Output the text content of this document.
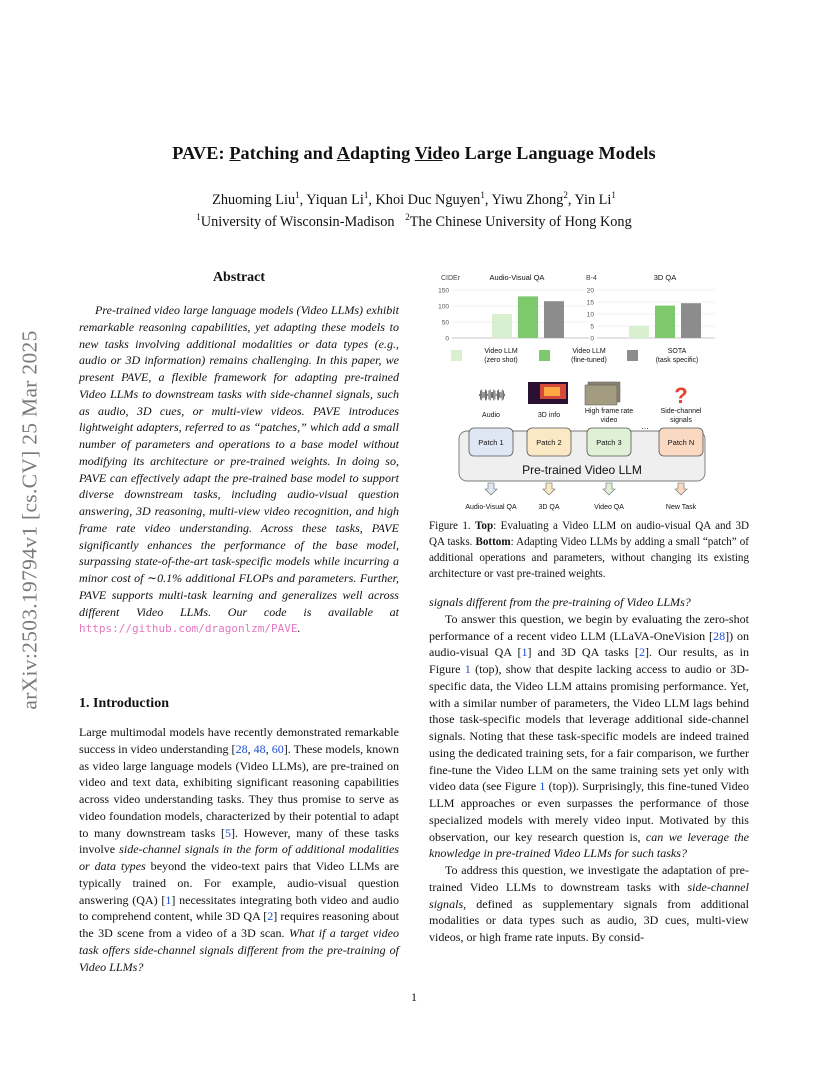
PAVE: Patching and Adapting Video Large Language Models
Zhuoming Liu$^1$, Yiquan Li$^1$, Khoi Duc Nguyen$^1$, Yiwu Zhong$^2$, Yin Li$^1$
$^1$University of Wisconsin-Madison $^2$The Chinese University of Hong Kong
arXiv:2503.19794v1 [cs.CV] 25 Mar 2025
Abstract

Pre-trained video large language models (Video LLMs) exhibit remarkable reasoning capabilities, yet adapting these models to new tasks involving additional modalities or data types (e.g., audio or 3D information) remains challenging. In this paper, we present PAVE, a flexible framework for adapting pre-trained Video LLMs to downstream tasks with side-channel signals, such as audio, 3D cues, or multi-view videos. PAVE introduces lightweight adapters, referred to as “patches,” which add a small number of parameters and operations to a base model without modifying its architecture or pre-trained weights. In doing so, PAVE can effectively adapt the pre-trained base model to support diverse downstream tasks, including audio-visual question answering, 3D reasoning, multi-view video recognition, and high frame rate video understanding. Across these tasks, PAVE significantly enhances the performance of the base model, surpassing state-of-the-art task-specific models while incurring a minor cost of ∼0.1% additional FLOPs and parameters. Further, PAVE supports multi-task learning and generalizes well across different Video LLMs. Our code is available at https://github.com/dragonlzm/PAVE.

1. Introduction

Large multimodal models have recently demonstrated remarkable success in video understanding [28, 48, 60]. These models, known as video large language models (Video LLMs), are pre-trained on video and text data, exhibiting significant reasoning capabilities across video understanding tasks. They thus promise to serve as video foundation models, characterized by their potential to adapt to many downstream tasks [5]. However, many of these tasks involve side-channel signals in the form of additional modalities or data types beyond the video-text pairs that Video LLMs are typically trained on. For example, audio-visual question answering (QA) [1] necessitates integrating both video and audio to comprehend content, while 3D QA [2] requires reasoning about the 3D scene from a video of a 3D scan. What if a target video task offers side-channel signals different from the pre-training of Video LLMs?

Audio-Visual QA
CIDEr
150
100
50
0
3D QA
B-4
20
15
10
5
0
Video LLM
(zero shot)
Video LLM
(fine-tuned)
SOTA
(task specific)
?
Audio	3D info
High frame rate
video
Side-channel
signals
Patch 1	Patch 2	Patch 3	Patch N
...
Pre-trained Video LLM
Audio-Visual QA	3D QA	Video QA	New Task
Figure 1. Top: Evaluating a Video LLM on audio-visual QA and 3D QA tasks. Bottom: Adapting Video LLMs by adding a small “patch” of additional operations and parameters, without changing its existing architecture or vast pre-trained weights.

signals different from the pre-training of Video LLMs?

To answer this question, we begin by evaluating the zero-shot performance of a recent video LLM (LLaVA-OneVision [28]) on audio-visual QA [1] and 3D QA tasks [2]. Our results, as in Figure 1 (top), show that despite lacking access to audio or 3D-specific data, the Video LLM attains promising performance. Yet, with a similar number of parameters, the Video LLM lags behind those task-specific models that leverage additional side-channel signals. Noting that these task-specific models are indeed trained using the dedicated training sets, for a fair comparison, we further fine-tune the Video LLM on the same training sets yet only with video data (see Figure 1 (top)). Surprisingly, this fine-tuned Video LLM approaches or even surpasses the performance of those specialized models with merely video input. Motivated by this observation, our key research question is, can we leverage the knowledge in pre-trained Video LLMs for such tasks?

To address this question, we investigate the adaptation of pre-trained Video LLMs to downstream tasks with side-channel signals, defined as supplementary signals from additional modalities or data types such as audio, 3D cues, multi-view videos, or high frame rate inputs. By consid-

1
